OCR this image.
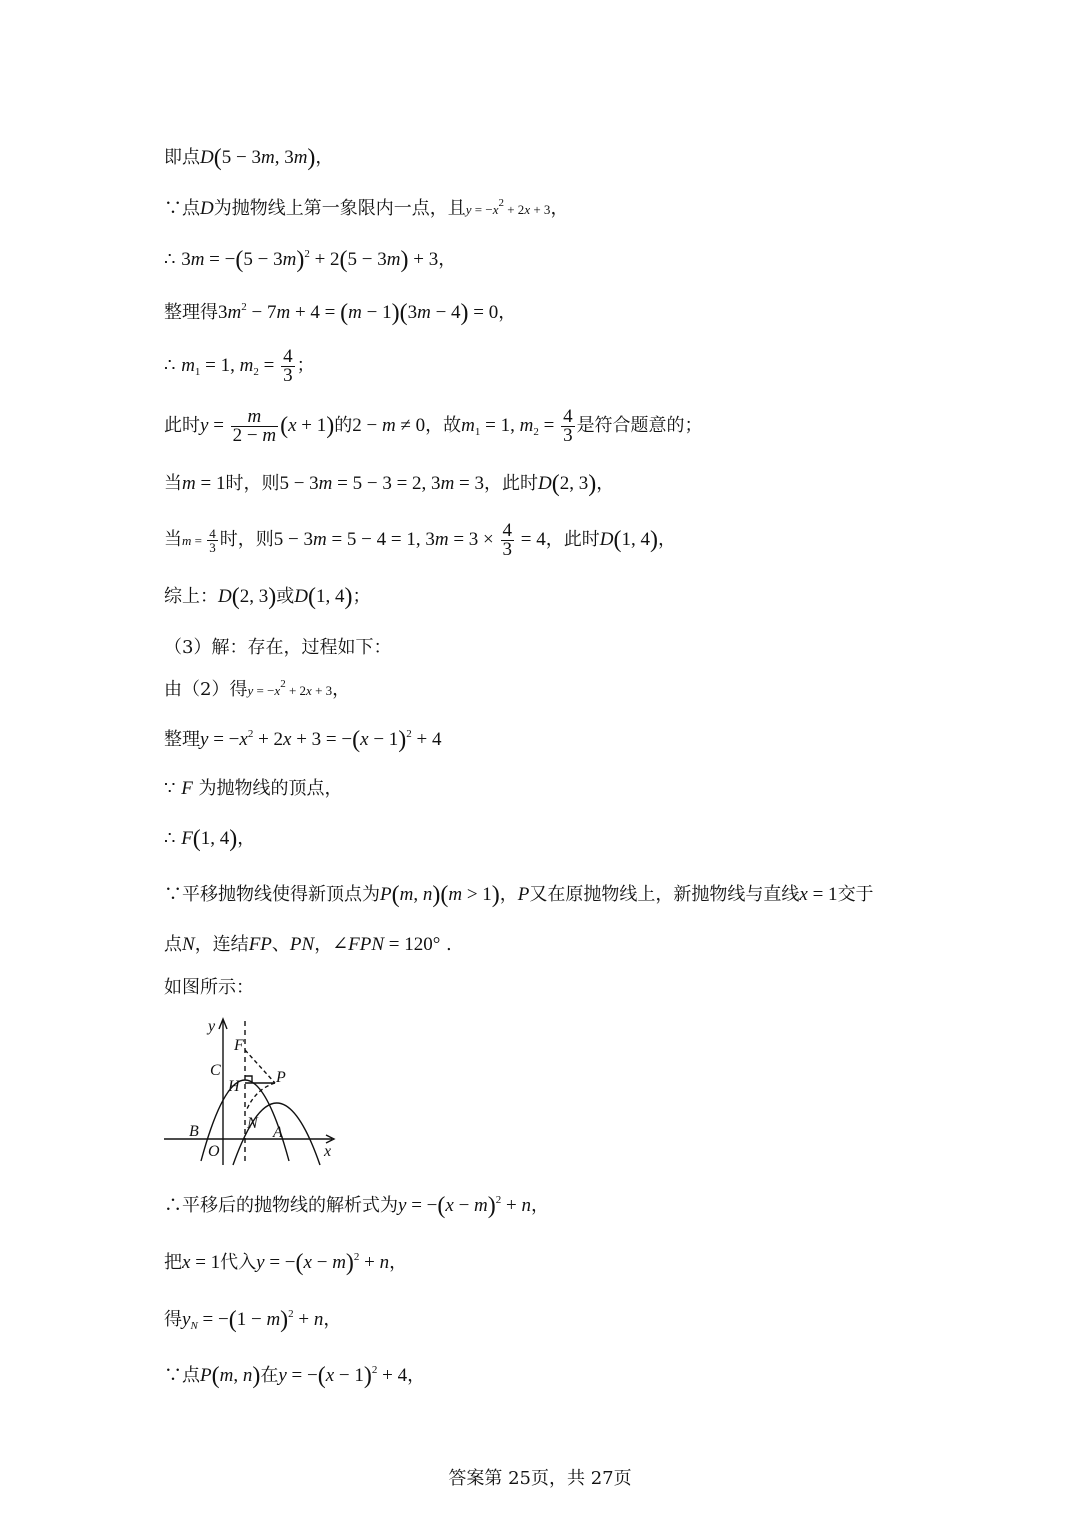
即点D(5 − 3m, 3m)，
∵点D为抛物线上第一象限内一点，且$y = -x^2 + 2x + 3$，
∴ $3m = -(5 - 3m)^2 + 2(5 - 3m) + 3$，
整理得$3m^2 - 7m + 4 = (m - 1)(3m - 4) = 0$，
∴ $m_1 = 1$, $m_2 = \frac{4}{3}$ ；
此时$y = \frac{m}{2 - m} (x + 1)$的2 − m ≠ 0，故$m_1 = 1$, $m_2 = \frac{4}{3}$ 是符合题意的；
当m = 1时，则5 − 3m = 5 − 3 = 2, 3m = 3，此时D(2, 3)，
当$m = \frac{4}{3}$ 时，则5 − 3m = 5 − 4 = 1, $3m = 3 \times \frac{4}{3} = 4$，此时D(1, 4)，
综上：D(2, 3)或D(1, 4)；
（3）解：存在，过程如下：
由（2）得$y = -x^2 + 2x + 3$，
整理$y = -x^2 + 2x + 3 = -(x - 1)^2 + 4$
∵ F 为抛物线的顶点，
∴ F(1, 4)，
∵平移抛物线使得新顶点为P(m, n)(m > 1)，P又在原抛物线上，新抛物线与直线x = 1交于
点N，连结FP、PN，∠FPN = 120° .
如图所示：
y
x
F
C
H
P
B	N
A
O
∴平移后的抛物线的解析式为$y = -(x - m)^2 + n$，
把x = 1代入$y = -(x - m)^2 + n$，
得$y_N = -(1 - m)^2 + n$，
∵点P(m, n)在$y = -(x - 1)^2 + 4$，
答案第 25页，共 27页
